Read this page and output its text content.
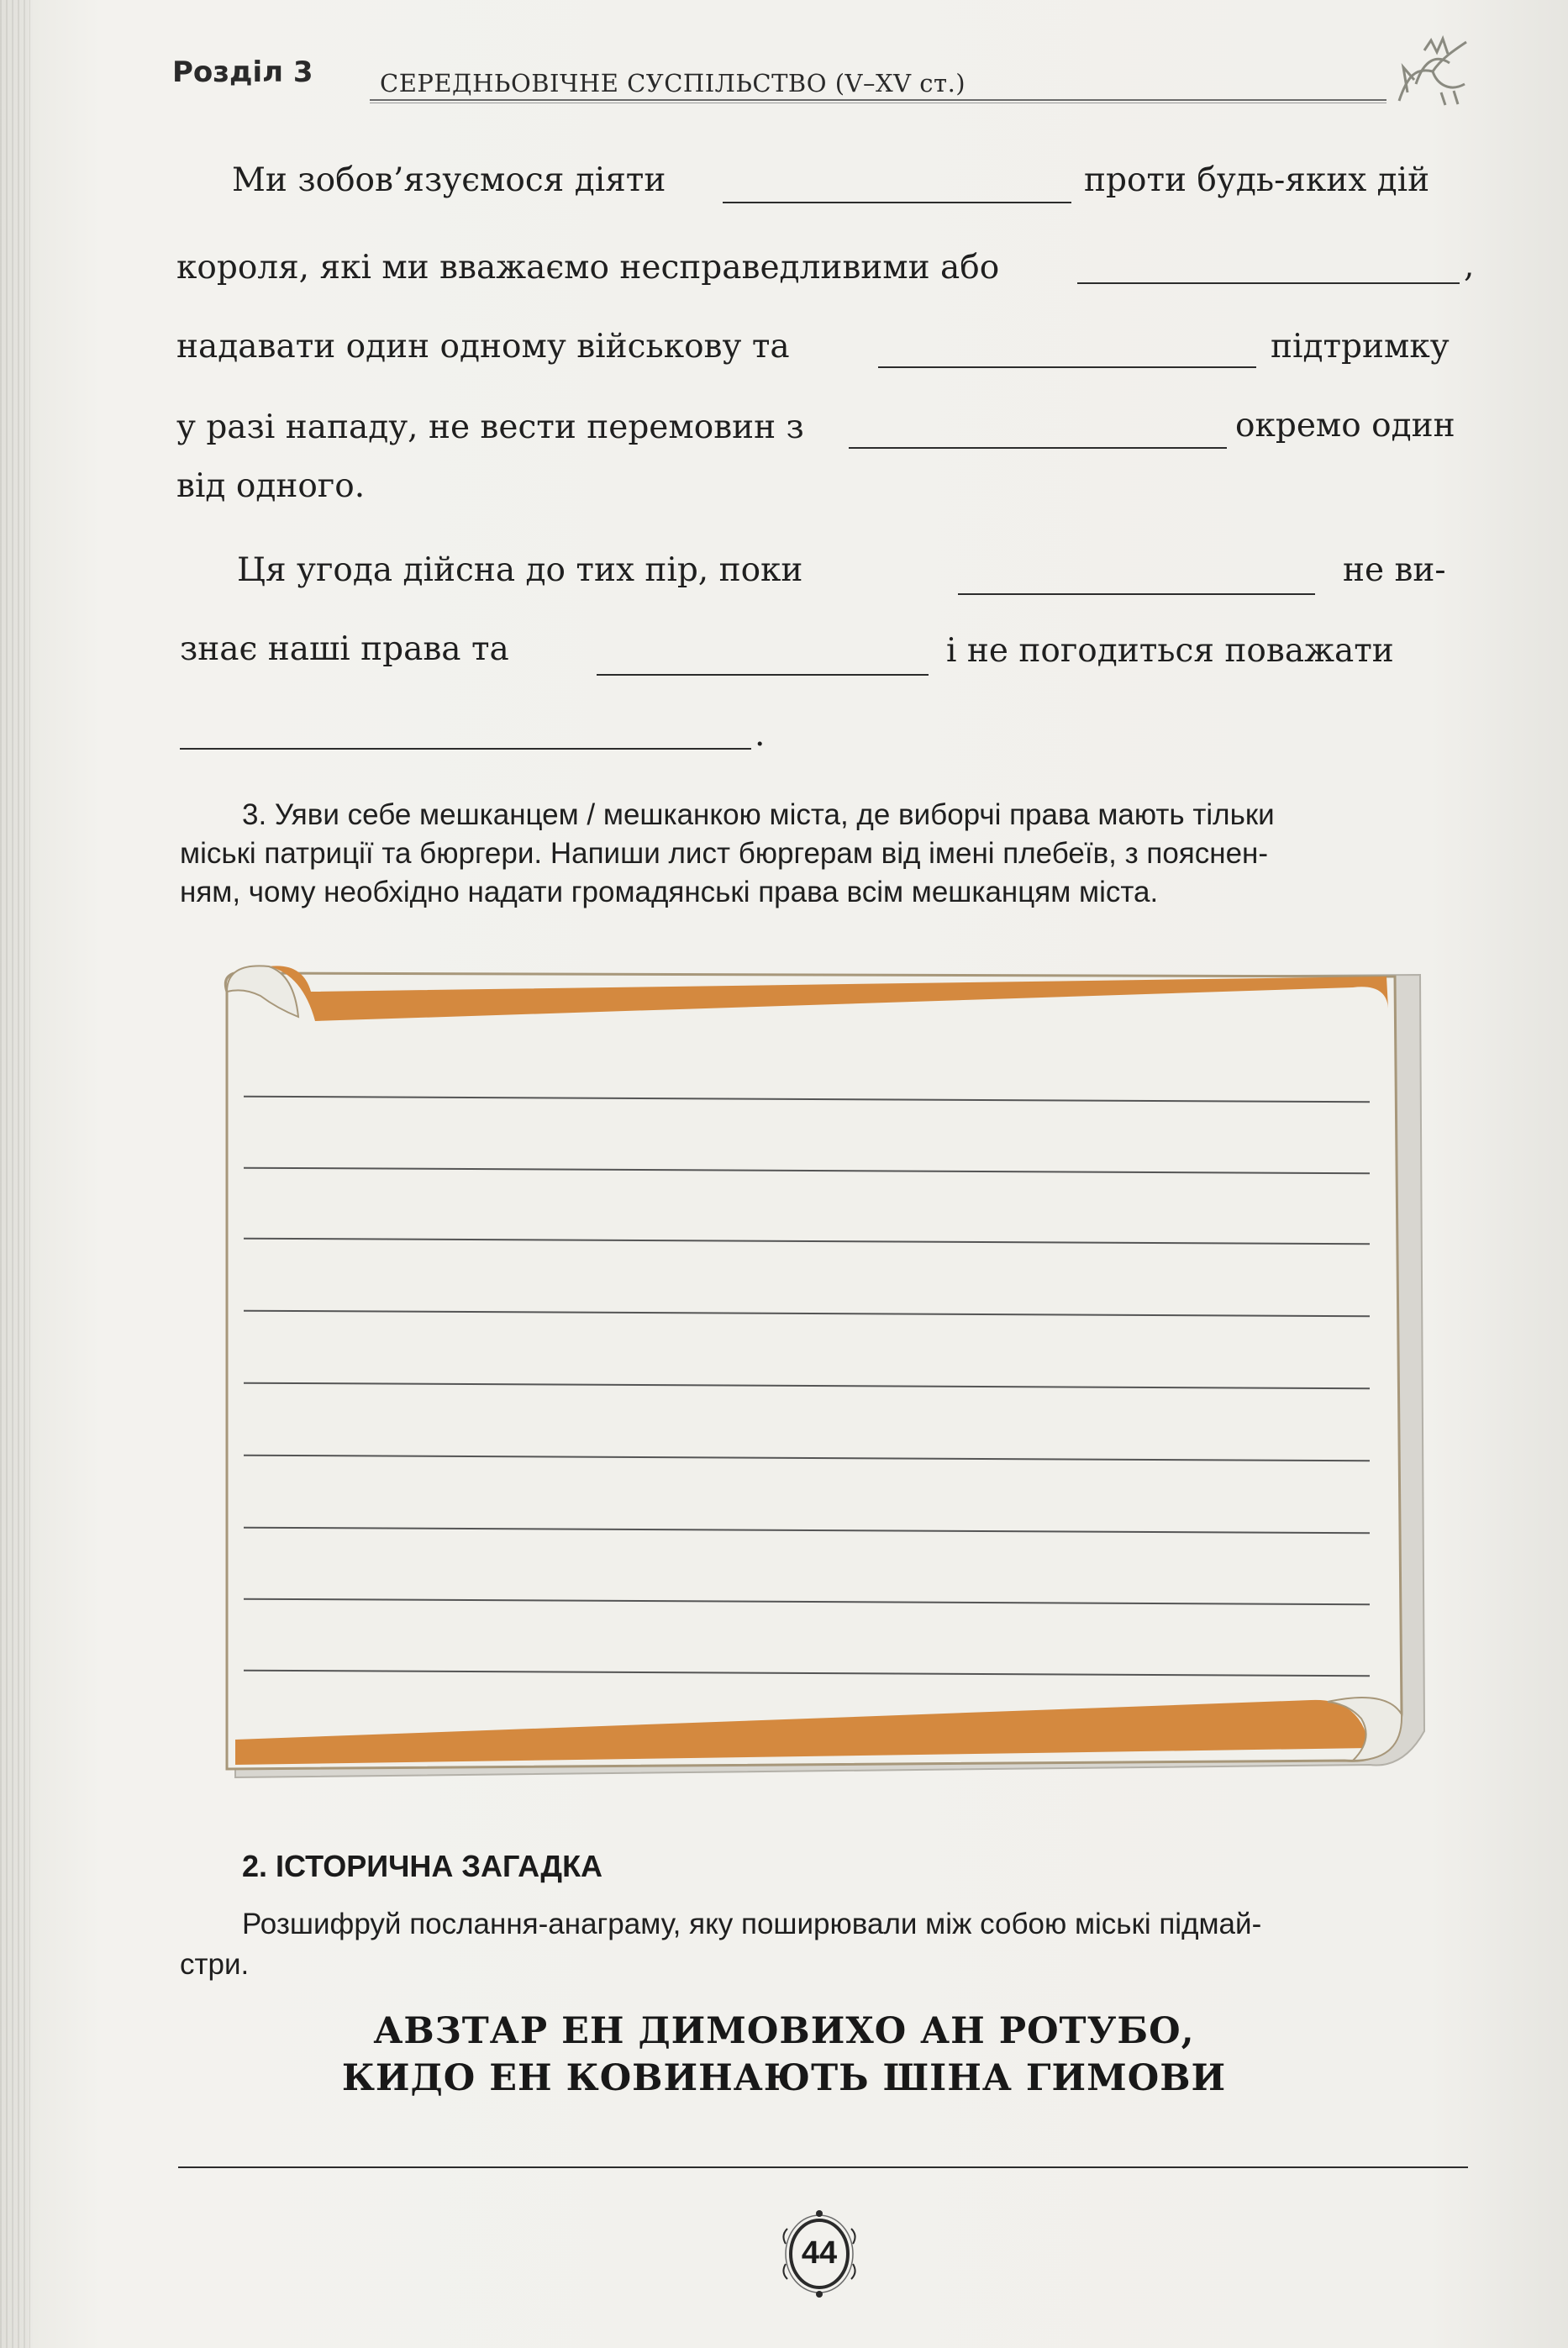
Розділ 3	СЕРЕДНЬОВІЧНЕ СУСПІЛЬСТВО (V–XV ст.)
Ми зобов’язуємося діяти	проти будь-яких дій
короля, які ми вважаємо несправедливими або	,
надавати один одному військову та	підтримку
у разі нападу, не вести перемовин з	окремо один
від одного.
Ця угода дійсна до тих пір, поки	не ви-
знає наші права та	і не погодиться поважати
.
3. Уяви себе мешканцем / мешканкою міста, де виборчі права мають тільки
міські патриції та бюргери. Напиши лист бюргерам від імені плебеїв, з пояснен-
ням, чому необхідно надати громадянські права всім мешканцям міста.
2. ІСТОРИЧНА ЗАГАДКА
Розшифруй послання-анаграму, яку поширювали між собою міські підмай-
стри.
АВЗТАР ЕН ДИМОВИХО АН РОТУБО,
КИДО ЕН КОВИНАЮТЬ ШІНА ГИМОВИ
44
